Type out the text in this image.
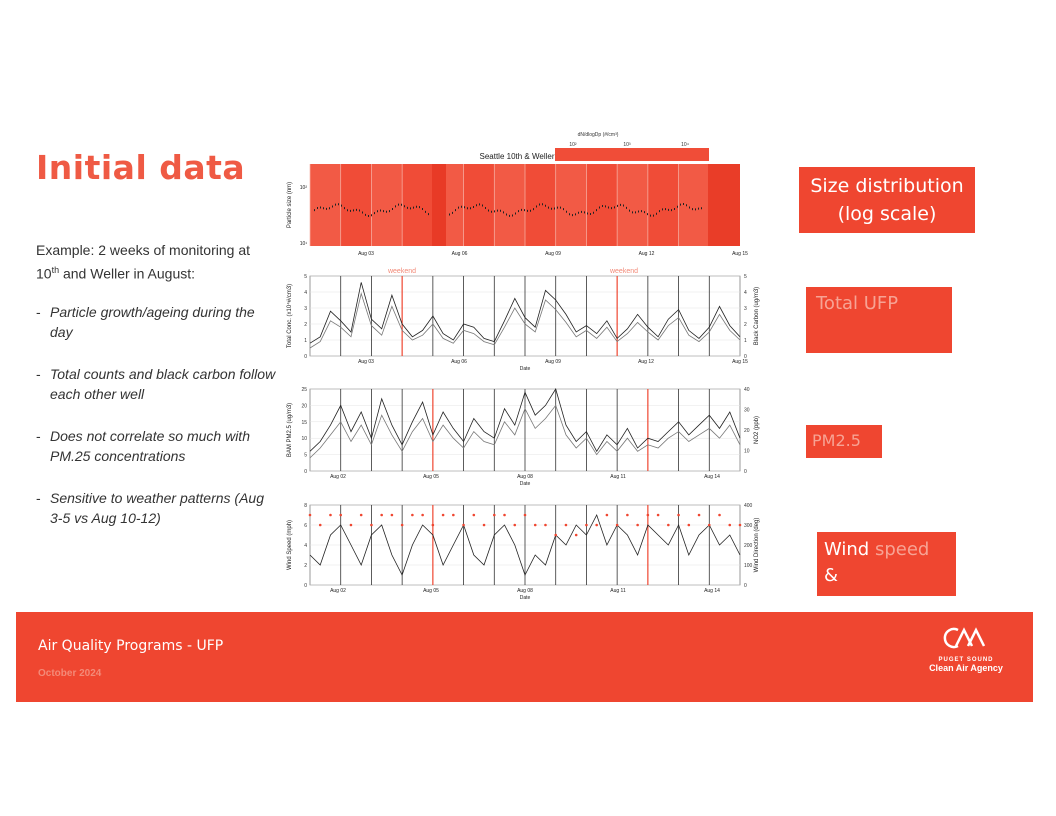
Initial data
Example: 2 weeks of monitoring at 10th and Weller in August:
- Particle growth/ageing during the day
- Total counts and black carbon follow each other well
- Does not correlate so much with PM.25 concentrations
- Sensitive to weather patterns (Aug 3-5 vs Aug 10-12)
dN/dlogDp (#/cm³)
10²	10³	10⁴
Seattle 10th & Weller
Particle size (nm) 10²
10¹
Aug 03	Aug 06	Aug 09	Aug 12	Aug 15
0
1
2
3
4
5
0
1
2
3
4
5
Total Conc. (x10⁴#/cm3)	Black Carbon (ug/m3)
Aug 03	Aug 06	Aug 09	Aug 12	Aug 15
Date
weekend	weekend
0
5
10
15
20
25
0
10
20
30
40
BAM PM2.5 (ug/m3)	NO2 (ppb)
Aug 02	Aug 05	Aug 08	Aug 11	Aug 14
Date
0
2
4
6
8
0
100
200
300
400
Wind Speed (mph)	Wind Direction (deg)
Aug 02	Aug 05	Aug 08	Aug 11	Aug 14
Date
Size distribution (log scale)
Total UFP
PM2.5
Wind speed
&
Air Quality Programs - UFP
October 2024
PUGET SOUND
Clean Air Agency
